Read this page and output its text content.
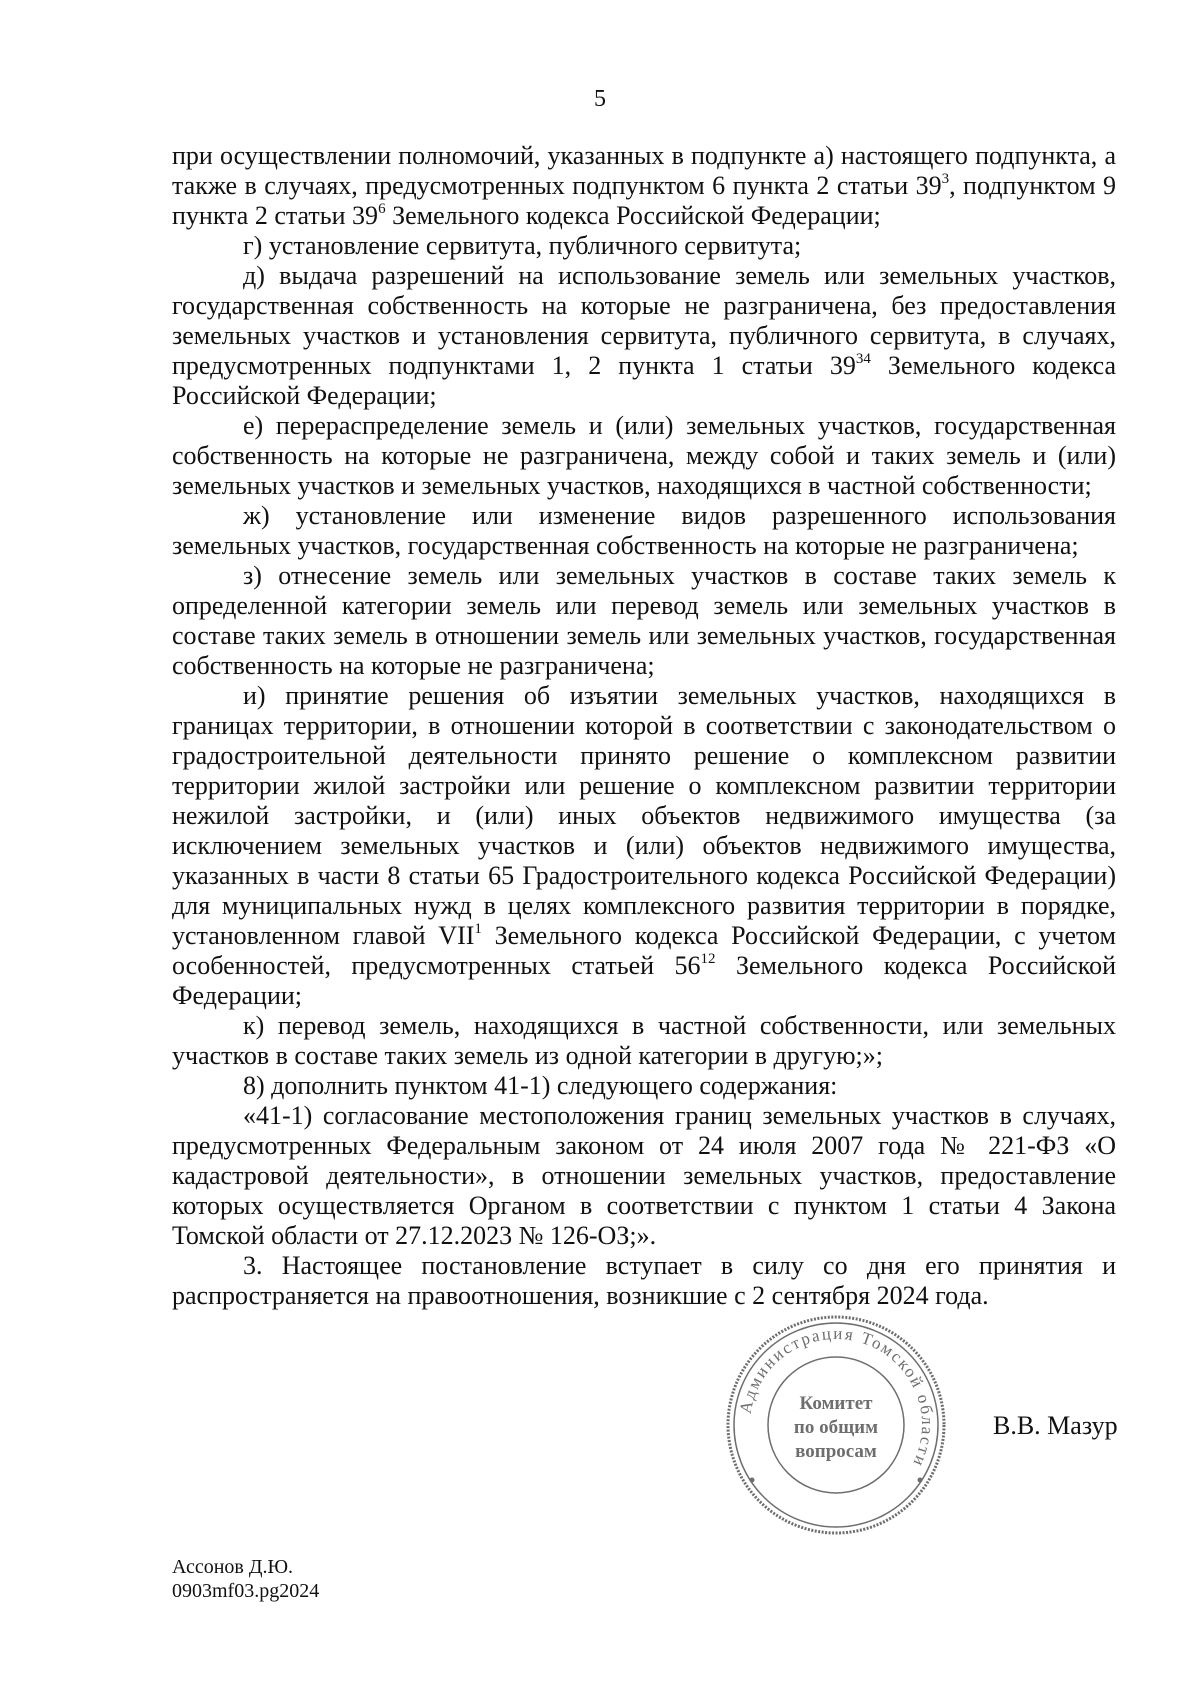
5

при осуществлении полномочий, указанных в подпункте а) настоящего подпункта, а также в случаях, предусмотренных подпунктом 6 пункта 2 статьи $39^3$, подпунктом 9 пункта 2 статьи $39^6$ Земельного кодекса Российской Федерации;

г) установление сервитута, публичного сервитута;

д) выдача разрешений на использование земель или земельных участков, государственная собственность на которые не разграничена, без предоставления земельных участков и установления сервитута, публичного сервитута, в случаях, предусмотренных подпунктами 1, 2 пункта 1 статьи $39^{34}$ Земельного кодекса Российской Федерации;

е) перераспределение земель и (или) земельных участков, государственная собственность на которые не разграничена, между собой и таких земель и (или) земельных участков и земельных участков, находящихся в частной собственности;

ж) установление или изменение видов разрешенного использования земельных участков, государственная собственность на которые не разграничена;

з) отнесение земель или земельных участков в составе таких земель к определенной категории земель или перевод земель или земельных участков в составе таких земель в отношении земель или земельных участков, государственная собственность на которые не разграничена;

и) принятие решения об изъятии земельных участков, находящихся в границах территории, в отношении которой в соответствии с законодательством о градостроительной деятельности принято решение о комплексном развитии территории жилой застройки или решение о комплексном развитии территории нежилой застройки, и (или) иных объектов недвижимого имущества (за исключением земельных участков и (или) объектов недвижимого имущества, указанных в части 8 статьи 65 Градостроительного кодекса Российской Федерации) для муниципальных нужд в целях комплексного развития территории в порядке, установленном главой VII$^1$ Земельного кодекса Российской Федерации, с учетом особенностей, предусмотренных статьей $56^{12}$ Земельного кодекса Российской Федерации;

к) перевод земель, находящихся в частной собственности, или земельных участков в составе таких земель из одной категории в другую;»;

8) дополнить пунктом 41-1) следующего содержания:

«41-1) согласование местоположения границ земельных участков в случаях, предусмотренных Федеральным законом от 24 июля 2007 года № 221-ФЗ «О кадастровой деятельности», в отношении земельных участков, предоставление которых осуществляется Органом в соответствии с пунктом 1 статьи 4 Закона Томской области от 27.12.2023 № 126-ОЗ;».

3. Настоящее постановление вступает в силу со дня его принятия и распространяется на правоотношения, возникшие с 2 сентября 2024 года.

Администрация Томской области
Комитет
по общим
вопросам
В.В. Мазур
Ассонов Д.Ю.
0903mf03.pg2024
